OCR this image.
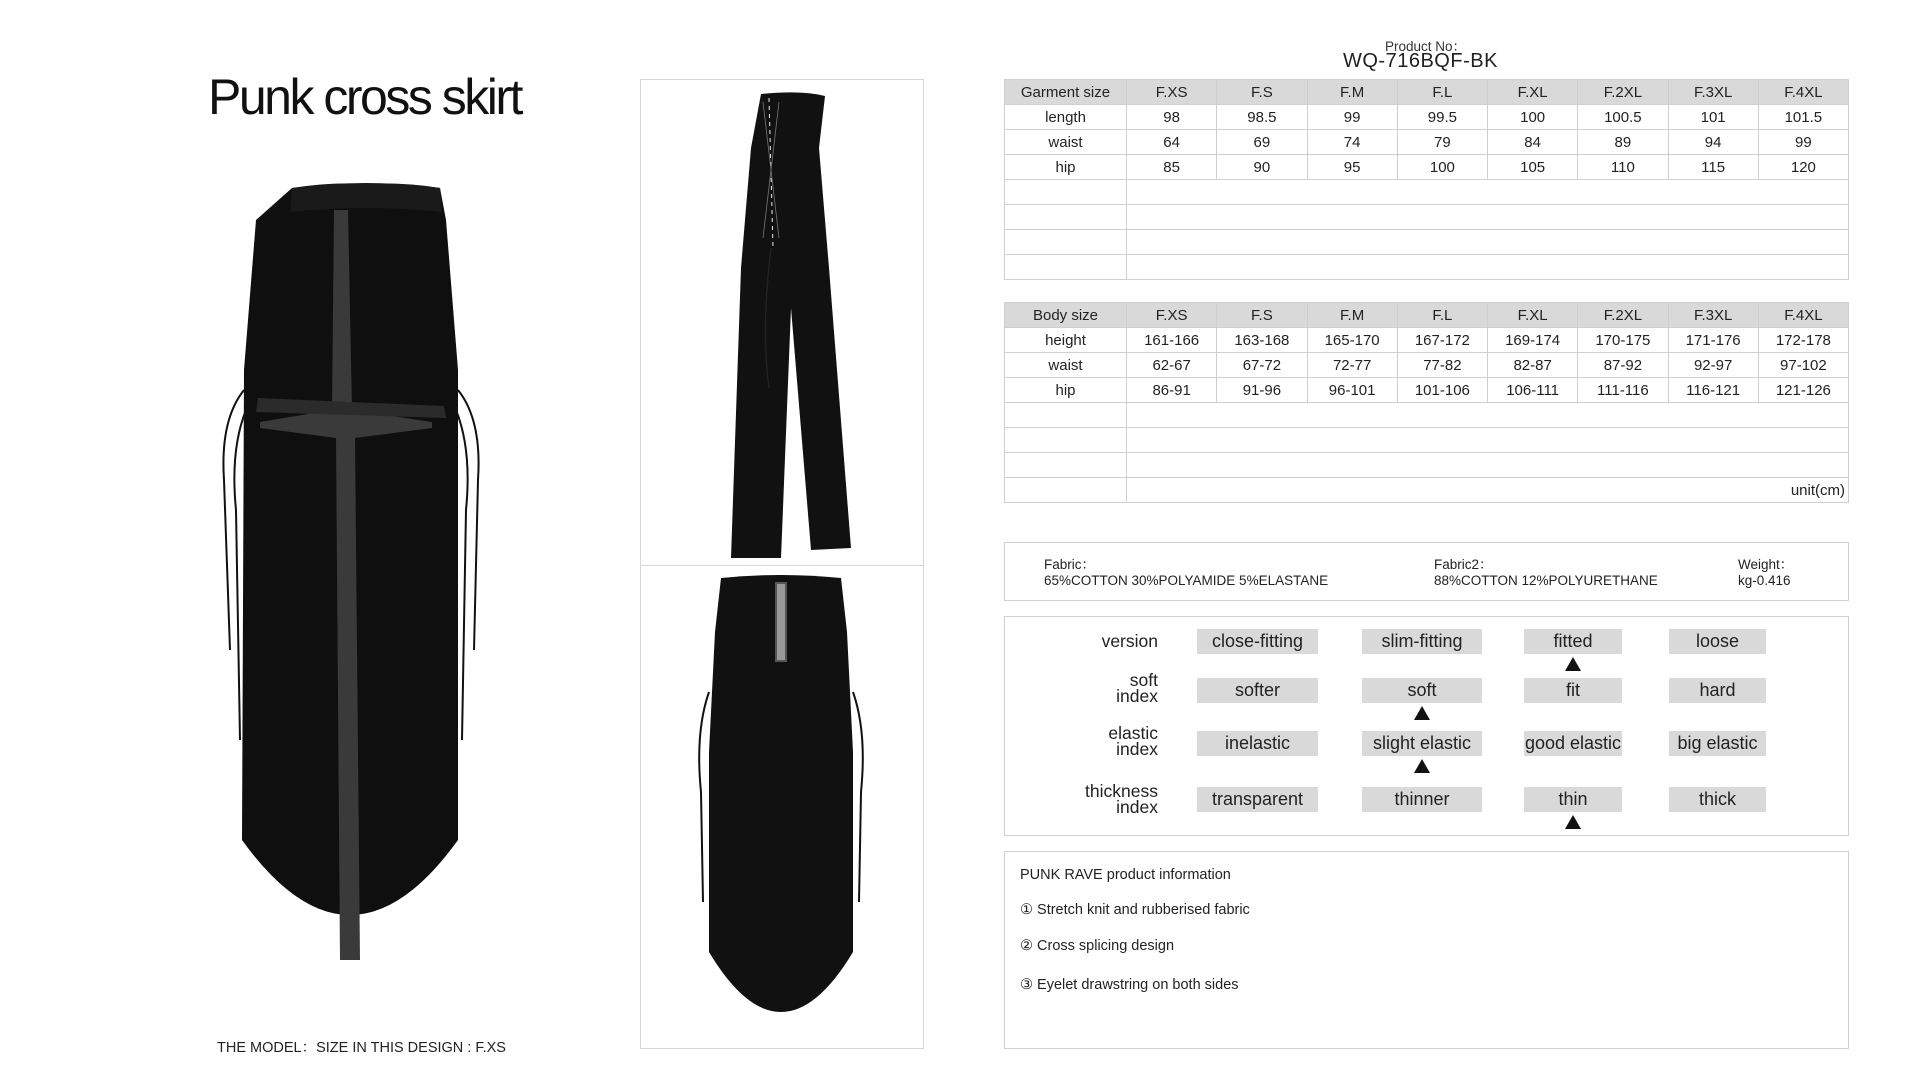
Punk cross skirt
THE MODEL：SIZE IN THIS DESIGN : F.XS
Product No：
WQ-716BQF-BK
Garment size	F.XS	F.S	F.M	F.L	F.XL	F.2XL	F.3XL	F.4XL
length	98	98.5	99	99.5	100	100.5	101	101.5
waist	64	69	74	79	84	89	94	99
hip	85	90	95	100	105	110	115	120

Body size	F.XS	F.S	F.M	F.L	F.XL	F.2XL	F.3XL	F.4XL
height	161-166	163-168	165-170	167-172	169-174	170-175	171-176	172-178
waist	62-67	67-72	72-77	77-82	82-87	87-92	92-97	97-102
hip	86-91	91-96	96-101	101-106	106-111	111-116	116-121	121-126

	unit(cm)							
Fabric：
65%COTTON 30%POLYAMIDE 5%ELASTANE
Fabric2：
88%COTTON 12%POLYURETHANE
Weight：
kg-0.416
version	close-fitting	slim-fitting	fitted	loose
soft
index	softer	soft	fit	hard
elastic
index	inelastic	slight elastic	good elastic	big elastic
thickness
index	transparent	thinner	thin	thick
PUNK RAVE product information
① Stretch knit and rubberised fabric
② Cross splicing design
③ Eyelet drawstring on both sides
